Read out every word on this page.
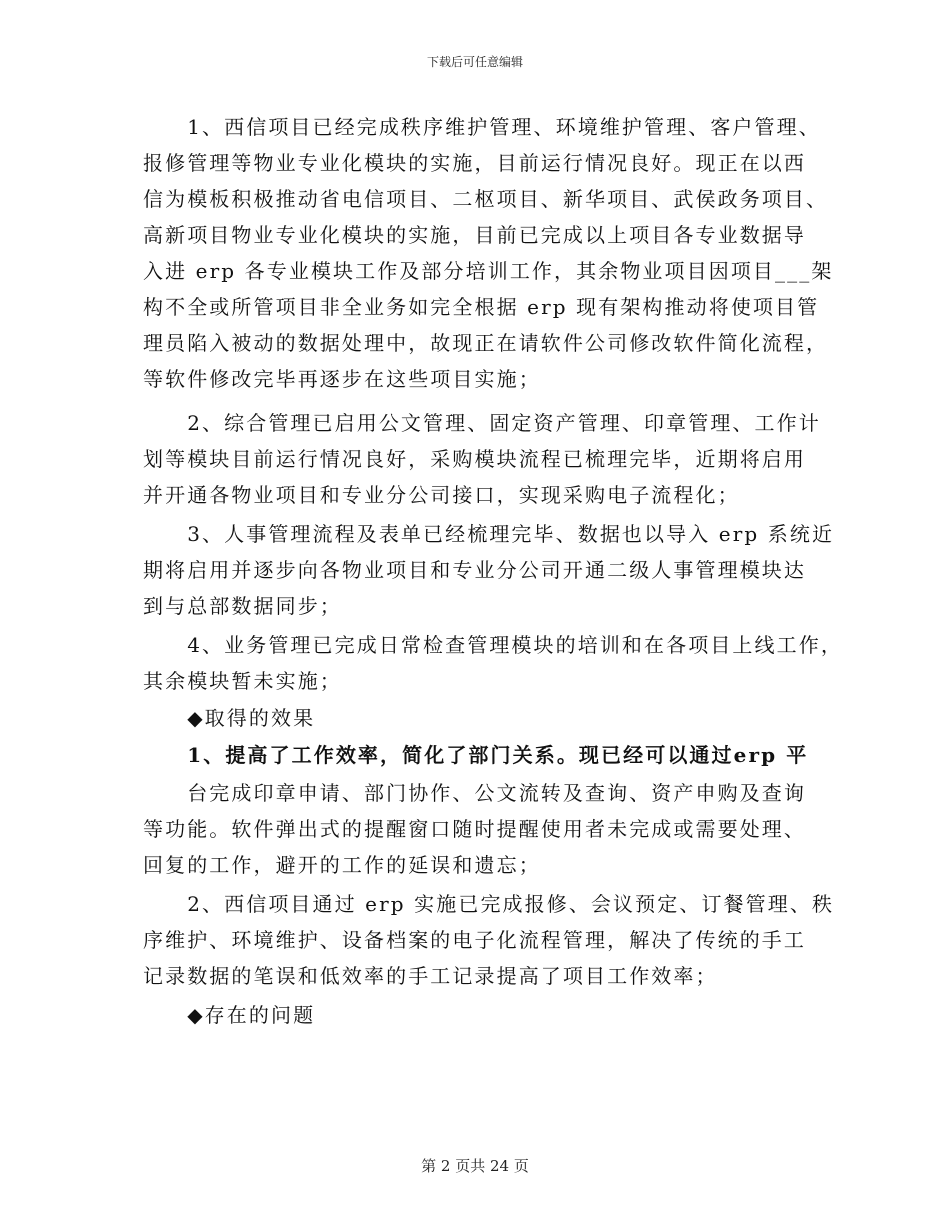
下载后可任意编辑
　　1、西信项目已经完成秩序维护管理、环境维护管理、客户管理、
报修管理等物业专业化模块的实施，目前运行情况良好。现正在以西
信为模板积极推动省电信项目、二枢项目、新华项目、武侯政务项目、
高新项目物业专业化模块的实施，目前已完成以上项目各专业数据导
入进 erp 各专业模块工作及部分培训工作，其余物业项目因项目___架
构不全或所管项目非全业务如完全根据 erp 现有架构推动将使项目管
理员陷入被动的数据处理中，故现正在请软件公司修改软件简化流程，
等软件修改完毕再逐步在这些项目实施；
　　2、综合管理已启用公文管理、固定资产管理、印章管理、工作计
划等模块目前运行情况良好，采购模块流程已梳理完毕，近期将启用
并开通各物业项目和专业分公司接口，实现采购电子流程化；
　　3、人事管理流程及表单已经梳理完毕、数据也以导入 erp 系统近
期将启用并逐步向各物业项目和专业分公司开通二级人事管理模块达
到与总部数据同步；
　　4、业务管理已完成日常检查管理模块的培训和在各项目上线工作，
其余模块暂未实施；
　　◆取得的效果
　　1、提高了工作效率，简化了部门关系。现已经可以通过erp 平
　　台完成印章申请、部门协作、公文流转及查询、资产申购及查询
等功能。软件弹出式的提醒窗口随时提醒使用者未完成或需要处理、
回复的工作，避开的工作的延误和遗忘；
　　2、西信项目通过 erp 实施已完成报修、会议预定、订餐管理、秩
序维护、环境维护、设备档案的电子化流程管理，解决了传统的手工
记录数据的笔误和低效率的手工记录提高了项目工作效率；
　　◆存在的问题
第 2 页共 24 页
